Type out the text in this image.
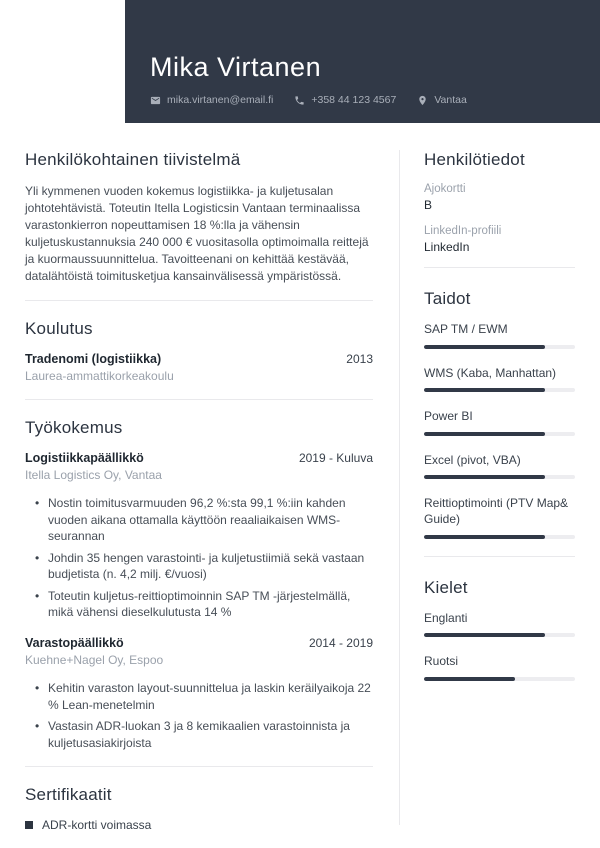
Mika Virtanen
mika.virtanen@email.fi	+358 44 123 4567	Vantaa
Henkilökohtainen tiivistelmä

Yli kymmenen vuoden kokemus logistiikka- ja kuljetusalan johtotehtävistä. Toteutin Itella Logisticsin Vantaan terminaalissa varastonkierron nopeuttamisen 18 %:lla ja vähensin kuljetuskustannuksia 240 000 € vuositasolla optimoimalla reittejä ja kuormaussuunnittelua. Tavoitteenani on kehittää kestävää, datalähtöistä toimitusketjua kansainvälisessä ympäristössä.

Koulutus
Tradenomi (logistiikka)	2013
Laurea-ammattikorkeakoulu
Työkokemus
Logistiikkapäällikkö	2019 - Kuluva
Itella Logistics Oy, Vantaa
• Nostin toimitusvarmuuden 96,2 %:sta 99,1 %:iin kahden vuoden aikana ottamalla käyttöön reaaliaikaisen WMS-seurannan
• Johdin 35 hengen varastointi- ja kuljetustiimiä sekä vastaan budjetista (n. 4,2 milj. €/vuosi)
• Toteutin kuljetus-reittioptimoinnin SAP TM -järjestelmällä, mikä vähensi dieselkulutusta 14 %
Varastopäällikkö	2014 - 2019
Kuehne+Nagel Oy, Espoo
• Kehitin varaston layout-suunnittelua ja laskin keräilyaikoja 22 % Lean-menetelmin
• Vastasin ADR-luokan 3 ja 8 kemikaalien varastoinnista ja kuljetusasiakirjoista
Sertifikaatit
ADR-kortti voimassa
Henkilötiedot
Ajokortti
B
LinkedIn-profiili
LinkedIn
Taidot
SAP TM / EWM
WMS (Kaba, Manhattan)
Power BI
Excel (pivot, VBA)
Reittioptimointi (PTV Map& Guide)
Kielet
Englanti
Ruotsi
